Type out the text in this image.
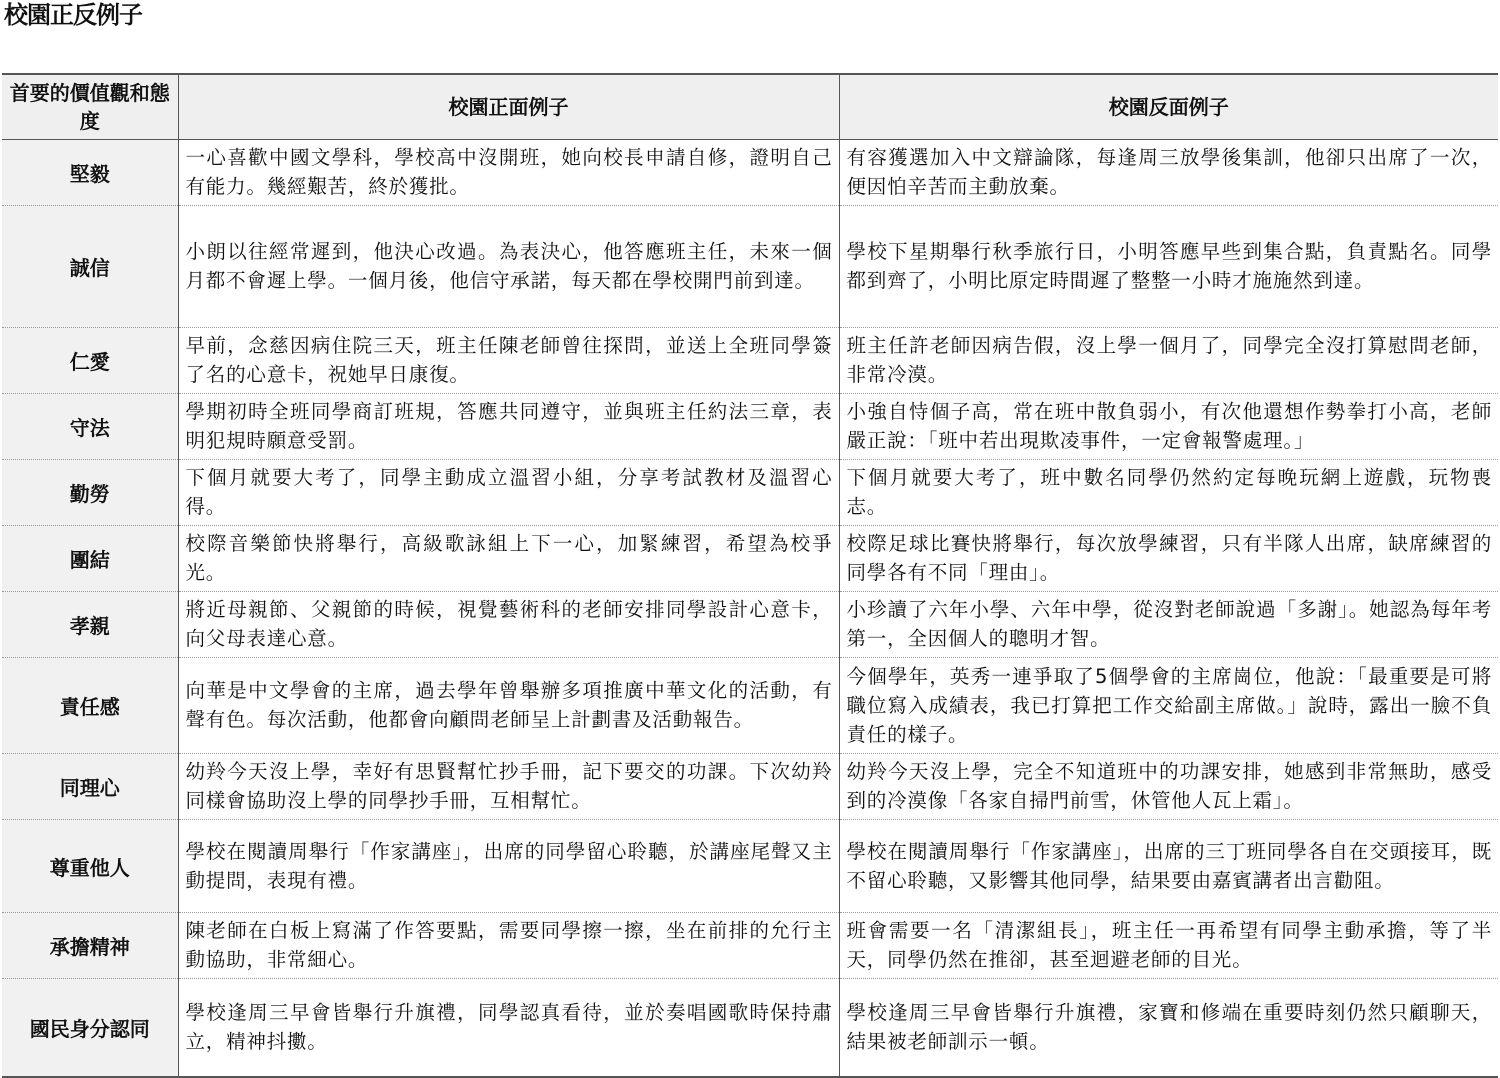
校園正反例子
首要的價值觀和態度	校園正面例子	校園反面例子
堅毅	一心喜歡中國文學科，學校高中沒開班，她向校長申請自修，證明自己有能力。幾經艱苦，終於獲批。	有容獲選加入中文辯論隊，每逢周三放學後集訓，他卻只出席了一次，便因怕辛苦而主動放棄。
誠信	小朗以往經常遲到，他決心改過。為表決心，他答應班主任，未來一個月都不會遲上學。一個月後，他信守承諾，每天都在學校開門前到達。	學校下星期舉行秋季旅行日，小明答應早些到集合點，負責點名。同學都到齊了，小明比原定時間遲了整整一小時才施施然到達。
仁愛	早前，念慈因病住院三天，班主任陳老師曾往探問，並送上全班同學簽了名的心意卡，祝她早日康復。	班主任許老師因病告假，沒上學一個月了，同學完全沒打算慰問老師，非常冷漠。
守法	學期初時全班同學商訂班規，答應共同遵守，並與班主任約法三章，表明犯規時願意受罰。	小強自恃個子高，常在班中散負弱小，有次他還想作勢拳打小高，老師嚴正說：「班中若出現欺凌事件，一定會報警處理。」
勤勞	下個月就要大考了，同學主動成立溫習小組，分享考試教材及溫習心得。	下個月就要大考了，班中數名同學仍然約定每晚玩網上遊戲，玩物喪志。
團結	校際音樂節快將舉行，高級歌詠組上下一心，加緊練習，希望為校爭光。	校際足球比賽快將舉行，每次放學練習，只有半隊人出席，缺席練習的同學各有不同「理由」。
孝親	將近母親節、父親節的時候，視覺藝術科的老師安排同學設計心意卡，向父母表達心意。	小珍讀了六年小學、六年中學，從沒對老師說過「多謝」。她認為每年考第一，全因個人的聰明才智。
責任感	向華是中文學會的主席，過去學年曾舉辦多項推廣中華文化的活動，有聲有色。每次活動，他都會向顧問老師呈上計劃書及活動報告。	今個學年，英秀一連爭取了5個學會的主席崗位，他說：「最重要是可將職位寫入成績表，我已打算把工作交給副主席做。」說時，露出一臉不負責任的樣子。
同理心	幼羚今天沒上學，幸好有思賢幫忙抄手冊，記下要交的功課。下次幼羚同樣會協助沒上學的同學抄手冊，互相幫忙。	幼羚今天沒上學，完全不知道班中的功課安排，她感到非常無助，感受到的冷漠像「各家自掃門前雪，休管他人瓦上霜」。
尊重他人	學校在閱讀周舉行「作家講座」，出席的同學留心聆聽，於講座尾聲又主動提問，表現有禮。	學校在閱讀周舉行「作家講座」，出席的三丁班同學各自在交頭接耳，既不留心聆聽，又影響其他同學，結果要由嘉賓講者出言勸阻。
承擔精神	陳老師在白板上寫滿了作答要點，需要同學擦一擦，坐在前排的允行主動協助，非常細心。	班會需要一名「清潔組長」，班主任一再希望有同學主動承擔，等了半天，同學仍然在推卻，甚至迴避老師的目光。
國民身分認同	學校逢周三早會皆舉行升旗禮，同學認真看待，並於奏唱國歌時保持肅立，精神抖擻。	學校逢周三早會皆舉行升旗禮，家寶和修端在重要時刻仍然只顧聊天，結果被老師訓示一頓。
